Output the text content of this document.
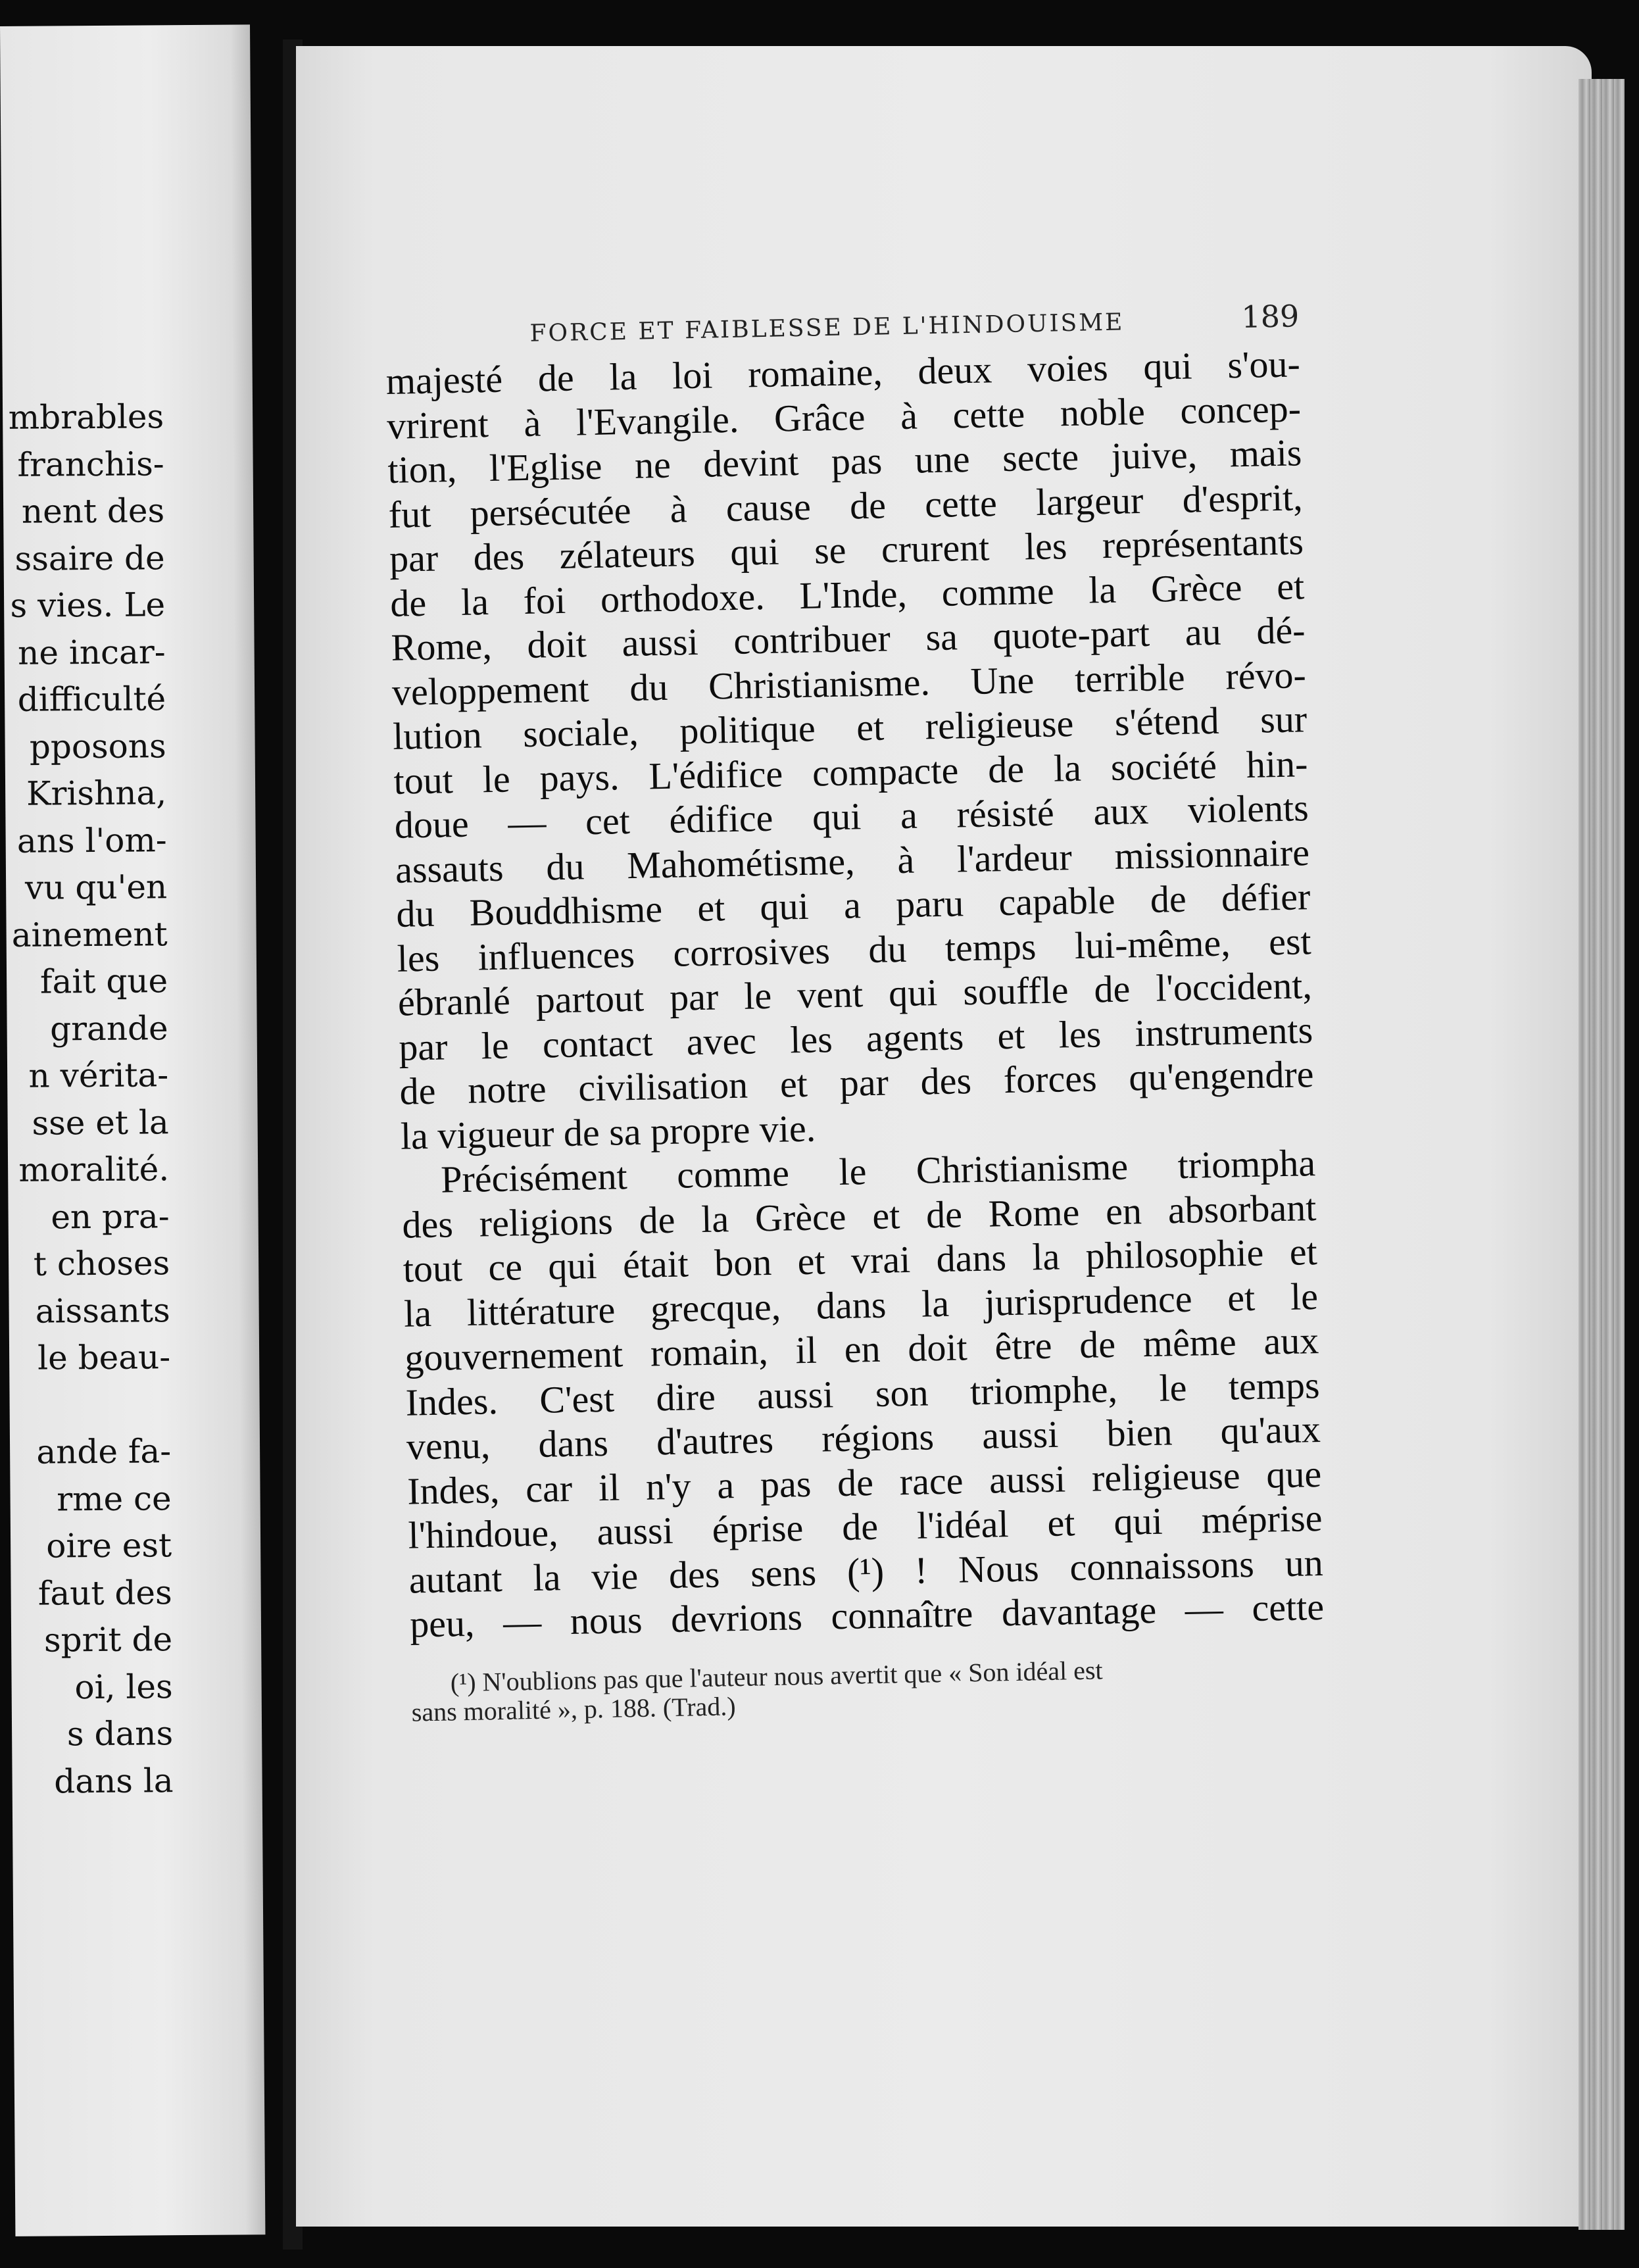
mbrables
franchis-
nent des
ssaire de
s vies. Le
ne incar-
difficulté
pposons
Krishna,
ans l'om-
vu qu'en
ainement
fait que
grande
n vérita-
sse et la
moralité.
en pra-
t choses
aissants
le beau-
ande fa-
rme ce
oire est
faut des
sprit de
oi, les
s dans
dans la
FORCE ET FAIBLESSE DE L'HINDOUISME	189
majesté de la loi romaine, deux voies qui s'ou-
vrirent à l'Evangile. Grâce à cette noble concep-
tion, l'Eglise ne devint pas une secte juive, mais
fut persécutée à cause de cette largeur d'esprit,
par des zélateurs qui se crurent les représentants
de la foi orthodoxe. L'Inde, comme la Grèce et
Rome, doit aussi contribuer sa quote-part au dé-
veloppement du Christianisme. Une terrible révo-
lution sociale, politique et religieuse s'étend sur
tout le pays. L'édifice compacte de la société hin-
doue — cet édifice qui a résisté aux violents
assauts du Mahométisme, à l'ardeur missionnaire
du Bouddhisme et qui a paru capable de défier
les influences corrosives du temps lui-même, est
ébranlé partout par le vent qui souffle de l'occident,
par le contact avec les agents et les instruments
de notre civilisation et par des forces qu'engendre
la vigueur de sa propre vie.
Précisément comme le Christianisme triompha
des religions de la Grèce et de Rome en absorbant
tout ce qui était bon et vrai dans la philosophie et
la littérature grecque, dans la jurisprudence et le
gouvernement romain, il en doit être de même aux
Indes. C'est dire aussi son triomphe, le temps
venu, dans d'autres régions aussi bien qu'aux
Indes, car il n'y a pas de race aussi religieuse que
l'hindoue, aussi éprise de l'idéal et qui méprise
autant la vie des sens (¹) ! Nous connaissons un
peu, — nous devrions connaître davantage — cette
(¹) N'oublions pas que l'auteur nous avertit que « Son idéal est
sans moralité », p. 188. (Trad.)
